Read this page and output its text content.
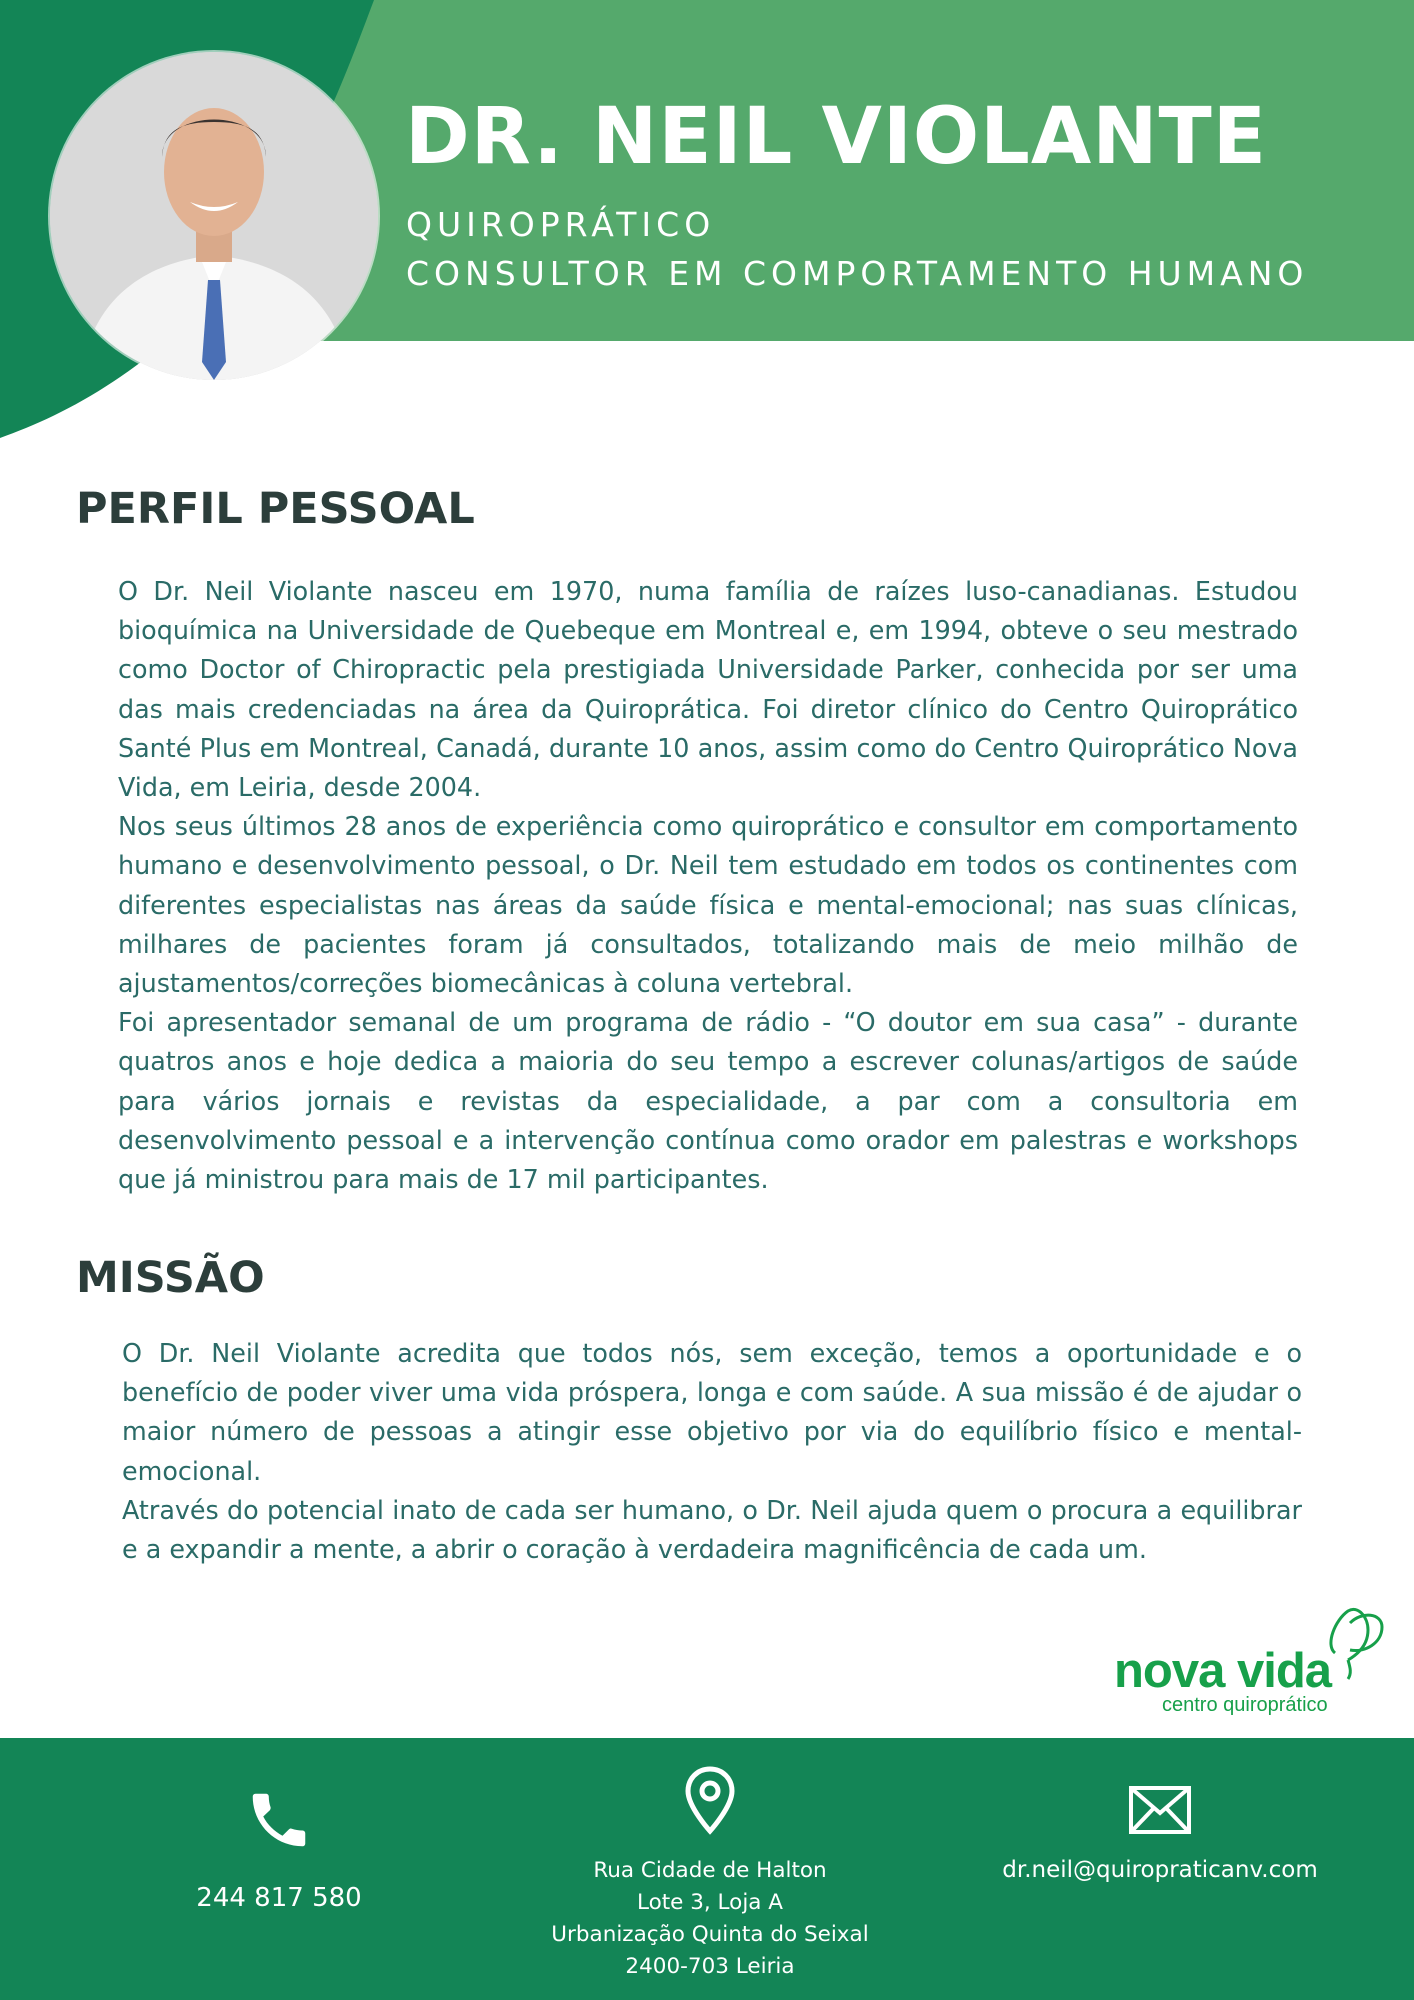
DR. NEIL VIOLANTE

QUIROPRÁTICO

CONSULTOR EM COMPORTAMENTO HUMANO

PERFIL PESSOAL

O Dr. Neil Violante nasceu em 1970, numa família de raízes luso-canadianas. Estudou bioquímica na Universidade de Quebeque em Montreal e, em 1994, obteve o seu mestrado como Doctor of Chiropractic pela prestigiada Universidade Parker, conhecida por ser uma das mais credenciadas na área da Quiroprática. Foi diretor clínico do Centro Quiroprático Santé Plus em Montreal, Canadá, durante 10 anos, assim como do Centro Quiroprático Nova Vida, em Leiria, desde 2004.

Nos seus últimos 28 anos de experiência como quiroprático e consultor em comportamento humano e desenvolvimento pessoal, o Dr. Neil tem estudado em todos os continentes com diferentes especialistas nas áreas da saúde física e mental-emocional; nas suas clínicas, milhares de pacientes foram já consultados, totalizando mais de meio milhão de ajustamentos/correções biomecânicas à coluna vertebral.

Foi apresentador semanal de um programa de rádio - “O doutor em sua casa” - durante quatros anos e hoje dedica a maioria do seu tempo a escrever colunas/artigos de saúde para vários jornais e revistas da especialidade, a par com a consultoria em desenvolvimento pessoal e a intervenção contínua como orador em palestras e workshops que já ministrou para mais de 17 mil participantes.

MISSÃO

O Dr. Neil Violante acredita que todos nós, sem exceção, temos a oportunidade e o benefício de poder viver uma vida próspera, longa e com saúde. A sua missão é de ajudar o maior número de pessoas a atingir esse objetivo por via do equilíbrio físico e mental-emocional.

Através do potencial inato de cada ser humano, o Dr. Neil ajuda quem o procura a equilibrar e a expandir a mente, a abrir o coração à verdadeira magnificência de cada um.

nova vida
centro quiroprático
244 817 580
Rua Cidade de Halton
Lote 3, Loja A
Urbanização Quinta do Seixal
2400-703 Leiria
dr.neil@quiropraticanv.com
